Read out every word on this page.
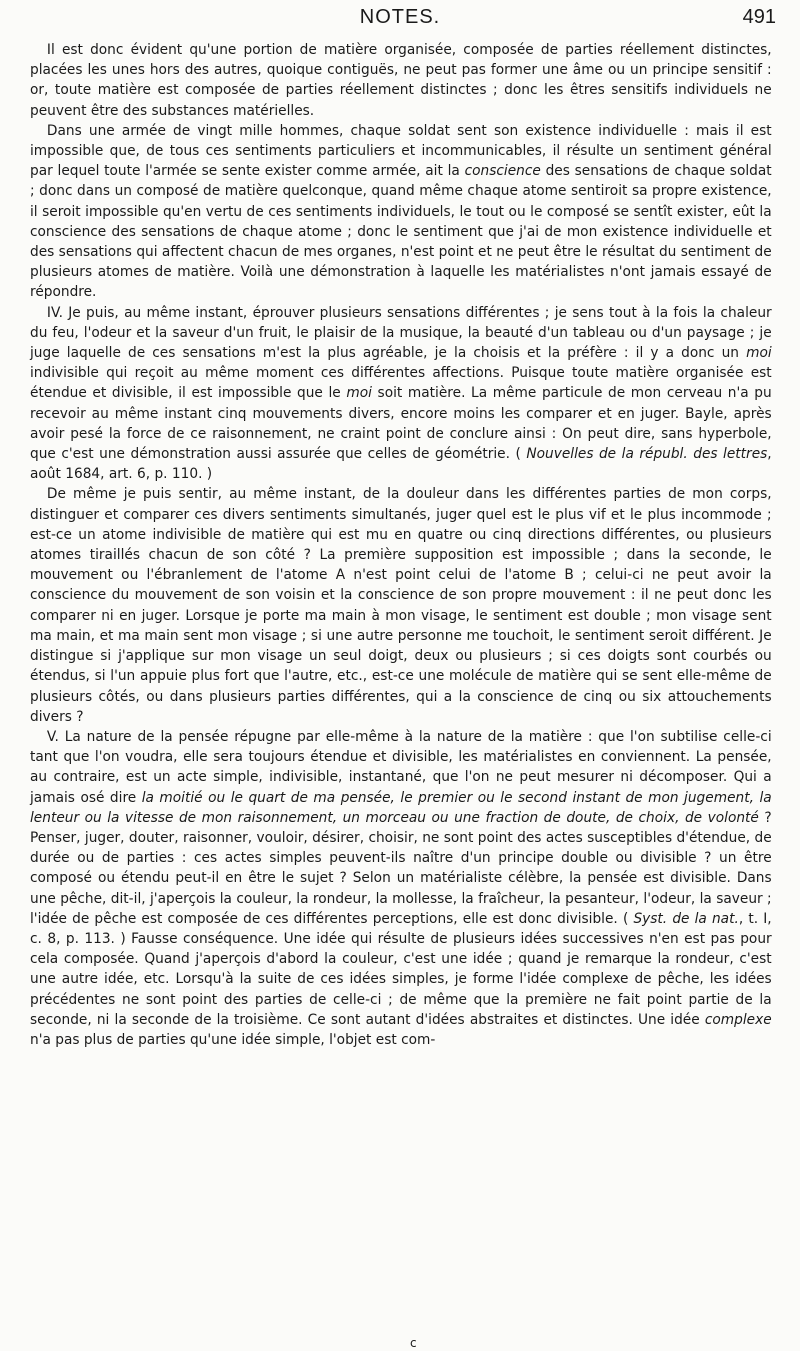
NOTES.	491

Il est donc évident qu'une portion de matière organisée, composée de parties réellement distinctes, placées les unes hors des autres, quoique contiguës, ne peut pas former une âme ou un principe sensitif : or, toute matière est composée de parties réellement distinctes ; donc les êtres sensitifs individuels ne peuvent être des substances matérielles.

Dans une armée de vingt mille hommes, chaque soldat sent son existence individuelle : mais il est impossible que, de tous ces sentiments particuliers et incommunicables, il résulte un sentiment général par lequel toute l'armée se sente exister comme armée, ait la conscience des sensations de chaque soldat ; donc dans un composé de matière quelconque, quand même chaque atome sentiroit sa propre existence, il seroit impossible qu'en vertu de ces sentiments individuels, le tout ou le composé se sentît exister, eût la conscience des sensations de chaque atome ; donc le sentiment que j'ai de mon existence individuelle et des sensations qui affectent chacun de mes organes, n'est point et ne peut être le résultat du sentiment de plusieurs atomes de matière. Voilà une démonstration à laquelle les matérialistes n'ont jamais essayé de répondre.

IV. Je puis, au même instant, éprouver plusieurs sensations différentes ; je sens tout à la fois la chaleur du feu, l'odeur et la saveur d'un fruit, le plaisir de la musique, la beauté d'un tableau ou d'un paysage ; je juge laquelle de ces sensations m'est la plus agréable, je la choisis et la préfère : il y a donc un moi indivisible qui reçoit au même moment ces différentes affections. Puisque toute matière organisée est étendue et divisible, il est impossible que le moi soit matière. La même particule de mon cerveau n'a pu recevoir au même instant cinq mouvements divers, encore moins les comparer et en juger. Bayle, après avoir pesé la force de ce raisonnement, ne craint point de conclure ainsi : On peut dire, sans hyperbole, que c'est une démonstration aussi assurée que celles de géométrie. ( Nouvelles de la républ. des lettres, août 1684, art. 6, p. 110. )

De même je puis sentir, au même instant, de la douleur dans les différentes parties de mon corps, distinguer et comparer ces divers sentiments simultanés, juger quel est le plus vif et le plus incommode ; est-ce un atome indivisible de matière qui est mu en quatre ou cinq directions différentes, ou plusieurs atomes tiraillés chacun de son côté ? La première supposition est impossible ; dans la seconde, le mouvement ou l'ébranlement de l'atome A n'est point celui de l'atome B ; celui-ci ne peut avoir la conscience du mouvement de son voisin et la conscience de son propre mouvement : il ne peut donc les comparer ni en juger. Lorsque je porte ma main à mon visage, le sentiment est double ; mon visage sent ma main, et ma main sent mon visage ; si une autre personne me touchoit, le sentiment seroit différent. Je distingue si j'applique sur mon visage un seul doigt, deux ou plusieurs ; si ces doigts sont courbés ou étendus, si l'un appuie plus fort que l'autre, etc., est-ce une molécule de matière qui se sent elle-même de plusieurs côtés, ou dans plusieurs parties différentes, qui a la conscience de cinq ou six attouchements divers ?

V. La nature de la pensée répugne par elle-même à la nature de la matière : que l'on subtilise celle-ci tant que l'on voudra, elle sera toujours étendue et divisible, les matérialistes en conviennent. La pensée, au contraire, est un acte simple, indivisible, instantané, que l'on ne peut mesurer ni décomposer. Qui a jamais osé dire la moitié ou le quart de ma pensée, le premier ou le second instant de mon jugement, la lenteur ou la vitesse de mon raisonnement, un morceau ou une fraction de doute, de choix, de volonté ? Penser, juger, douter, raisonner, vouloir, désirer, choisir, ne sont point des actes susceptibles d'étendue, de durée ou de parties : ces actes simples peuvent-ils naître d'un principe double ou divisible ? un être composé ou étendu peut-il en être le sujet ? Selon un matérialiste célèbre, la pensée est divisible. Dans une pêche, dit-il, j'aperçois la couleur, la rondeur, la mollesse, la fraîcheur, la pesanteur, l'odeur, la saveur ; l'idée de pêche est composée de ces différentes perceptions, elle est donc divisible. ( Syst. de la nat., t. I, c. 8, p. 113. ) Fausse conséquence. Une idée qui résulte de plusieurs idées successives n'en est pas pour cela composée. Quand j'aperçois d'abord la couleur, c'est une idée ; quand je remarque la rondeur, c'est une autre idée, etc. Lorsqu'à la suite de ces idées simples, je forme l'idée complexe de pêche, les idées précédentes ne sont point des parties de celle-ci ; de même que la première ne fait point partie de la seconde, ni la seconde de la troisième. Ce sont autant d'idées abstraites et distinctes. Une idée complexe n'a pas plus de parties qu'une idée simple, l'objet est com-

c
